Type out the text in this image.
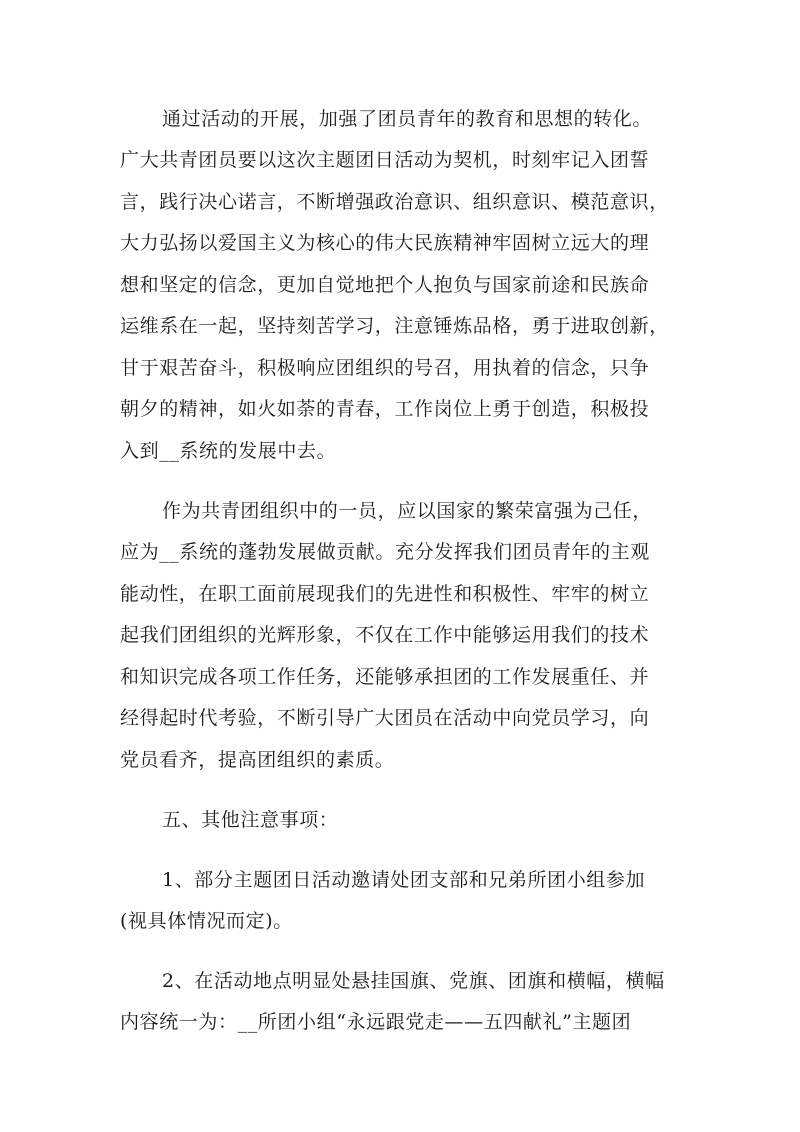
通过活动的开展，加强了团员青年的教育和思想的转化。
广大共青团员要以这次主题团日活动为契机，时刻牢记入团誓
言，践行决心诺言，不断增强政治意识、组织意识、模范意识，
大力弘扬以爱国主义为核心的伟大民族精神牢固树立远大的理
想和坚定的信念，更加自觉地把个人抱负与国家前途和民族命
运维系在一起，坚持刻苦学习，注意锤炼品格，勇于进取创新，
甘于艰苦奋斗，积极响应团组织的号召，用执着的信念，只争
朝夕的精神，如火如荼的青春，工作岗位上勇于创造，积极投
入到__系统的发展中去。
作为共青团组织中的一员，应以国家的繁荣富强为己任，
应为__系统的蓬勃发展做贡献。充分发挥我们团员青年的主观
能动性，在职工面前展现我们的先进性和积极性、牢牢的树立
起我们团组织的光辉形象，不仅在工作中能够运用我们的技术
和知识完成各项工作任务，还能够承担团的工作发展重任、并
经得起时代考验，不断引导广大团员在活动中向党员学习，向
党员看齐，提高团组织的素质。
五、其他注意事项：
1、部分主题团日活动邀请处团支部和兄弟所团小组参加
(视具体情况而定)。
2、在活动地点明显处悬挂国旗、党旗、团旗和横幅，横幅
内容统一为：__所团小组“永远跟党走——五四献礼”主题团
